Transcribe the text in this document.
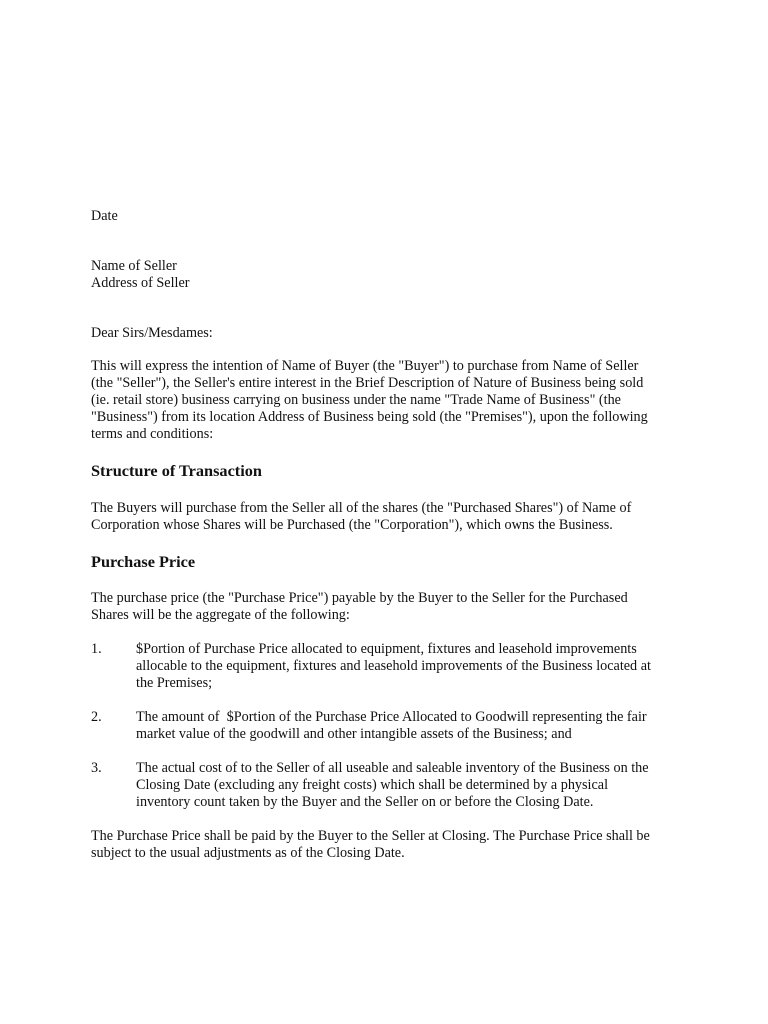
Date

Name of Seller
Address of Seller

Dear Sirs/Mesdames:

This will express the intention of Name of Buyer (the "Buyer") to purchase from Name of Seller
(the "Seller"), the Seller's entire interest in the Brief Description of Nature of Business being sold
(ie. retail store) business carrying on business under the name "Trade Name of Business" (the
"Business") from its location Address of Business being sold (the "Premises"), upon the following
terms and conditions:

Structure of Transaction

The Buyers will purchase from the Seller all of the shares (the "Purchased Shares") of Name of
Corporation whose Shares will be Purchased (the "Corporation"), which owns the Business.

Purchase Price

The purchase price (the "Purchase Price") payable by the Buyer to the Seller for the Purchased
Shares will be the aggregate of the following:

1. $Portion of Purchase Price allocated to equipment, fixtures and leasehold improvements
allocable to the equipment, fixtures and leasehold improvements of the Business located at
the Premises;
2. The amount of  $Portion of the Purchase Price Allocated to Goodwill representing the fair
market value of the goodwill and other intangible assets of the Business; and
3. The actual cost of to the Seller of all useable and saleable inventory of the Business on the
Closing Date (excluding any freight costs) which shall be determined by a physical
inventory count taken by the Buyer and the Seller on or before the Closing Date.

The Purchase Price shall be paid by the Buyer to the Seller at Closing. The Purchase Price shall be
subject to the usual adjustments as of the Closing Date.
